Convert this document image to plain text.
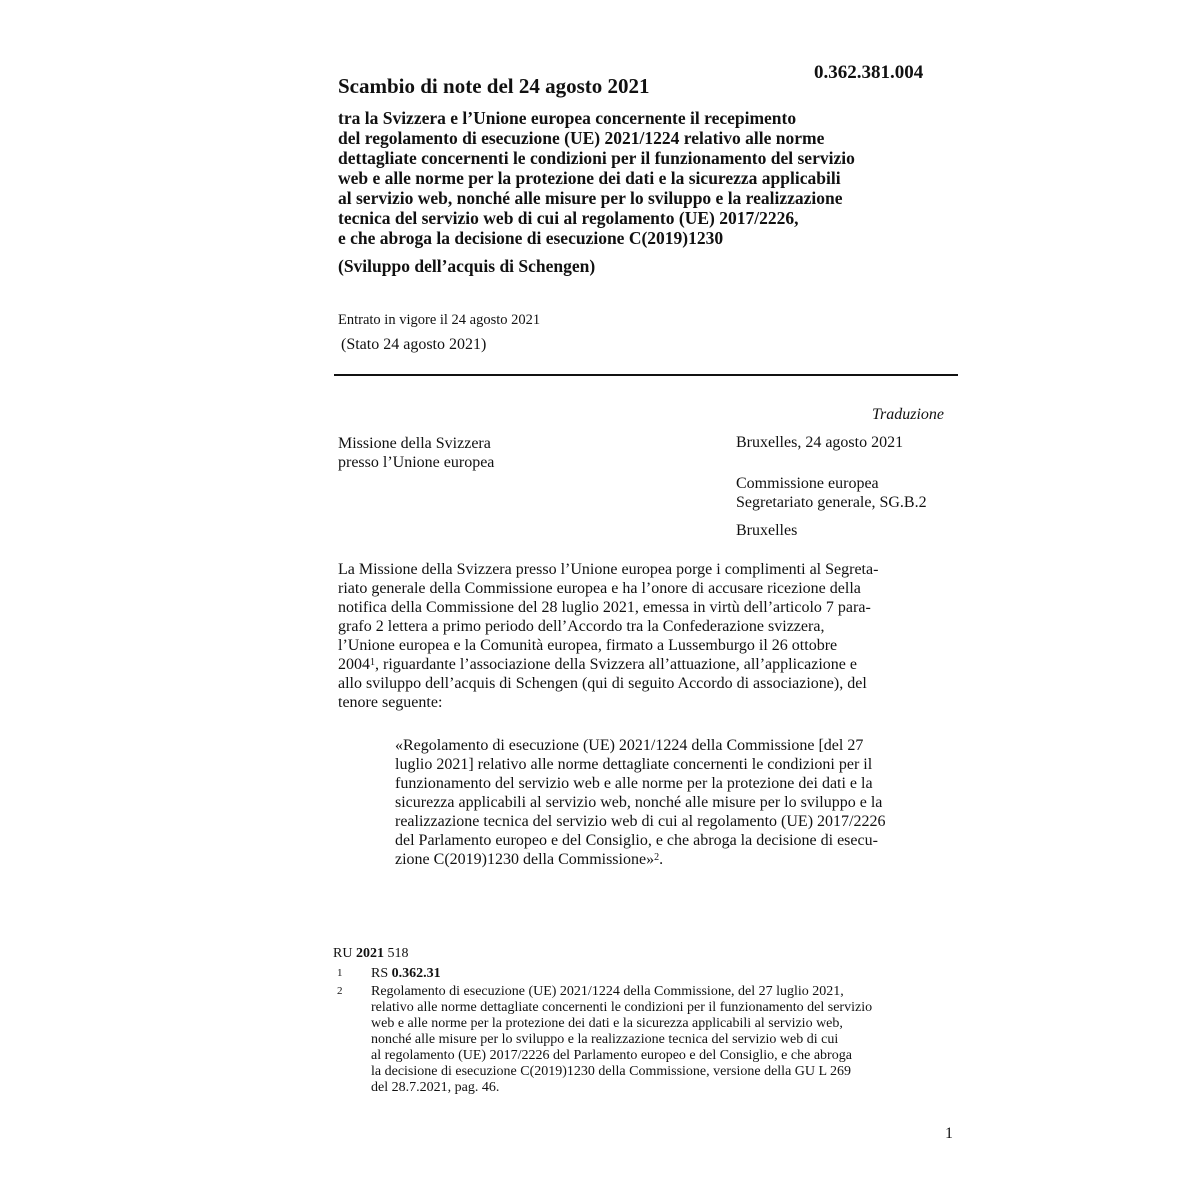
0.362.381.004
Scambio di note del 24 agosto 2021
tra la Svizzera e l’Unione europea concernente il recepimento
del regolamento di esecuzione (UE) 2021/1224 relativo alle norme
dettagliate concernenti le condizioni per il funzionamento del servizio
web e alle norme per la protezione dei dati e la sicurezza applicabili
al servizio web, nonché alle misure per lo sviluppo e la realizzazione
tecnica del servizio web di cui al regolamento (UE) 2017/2226,
e che abroga la decisione di esecuzione C(2019)1230
(Sviluppo dell’acquis di Schengen)
Entrato in vigore il 24 agosto 2021
(Stato 24 agosto 2021)
Traduzione
Missione della Svizzera
presso l’Unione europea
Bruxelles, 24 agosto 2021
Commissione europea
Segretariato generale, SG.B.2
Bruxelles
La Missione della Svizzera presso l’Unione europea porge i complimenti al Segreta-
riato generale della Commissione europea e ha l’onore di accusare ricezione della
notifica della Commissione del 28 luglio 2021, emessa in virtù dell’articolo 7 para-
grafo 2 lettera a primo periodo dell’Accordo tra la Confederazione svizzera,
l’Unione europea e la Comunità europea, firmato a Lussemburgo il 26 ottobre
2004$^1$, riguardante l’associazione della Svizzera all’attuazione, all’applicazione e
allo sviluppo dell’acquis di Schengen (qui di seguito Accordo di associazione), del
tenore seguente:
«Regolamento di esecuzione (UE) 2021/1224 della Commissione [del 27
luglio 2021] relativo alle norme dettagliate concernenti le condizioni per il
funzionamento del servizio web e alle norme per la protezione dei dati e la
sicurezza applicabili al servizio web, nonché alle misure per lo sviluppo e la
realizzazione tecnica del servizio web di cui al regolamento (UE) 2017/2226
del Parlamento europeo e del Consiglio, e che abroga la decisione di esecu-
zione C(2019)1230 della Commissione»$^2$.
RU 2021 518
1 RS 0.362.31
2 Regolamento di esecuzione (UE) 2021/1224 della Commissione, del 27 luglio 2021,
relativo alle norme dettagliate concernenti le condizioni per il funzionamento del servizio
web e alle norme per la protezione dei dati e la sicurezza applicabili al servizio web,
nonché alle misure per lo sviluppo e la realizzazione tecnica del servizio web di cui
al regolamento (UE) 2017/2226 del Parlamento europeo e del Consiglio, e che abroga
la decisione di esecuzione C(2019)1230 della Commissione, versione della GU L 269
del 28.7.2021, pag. 46.
1
